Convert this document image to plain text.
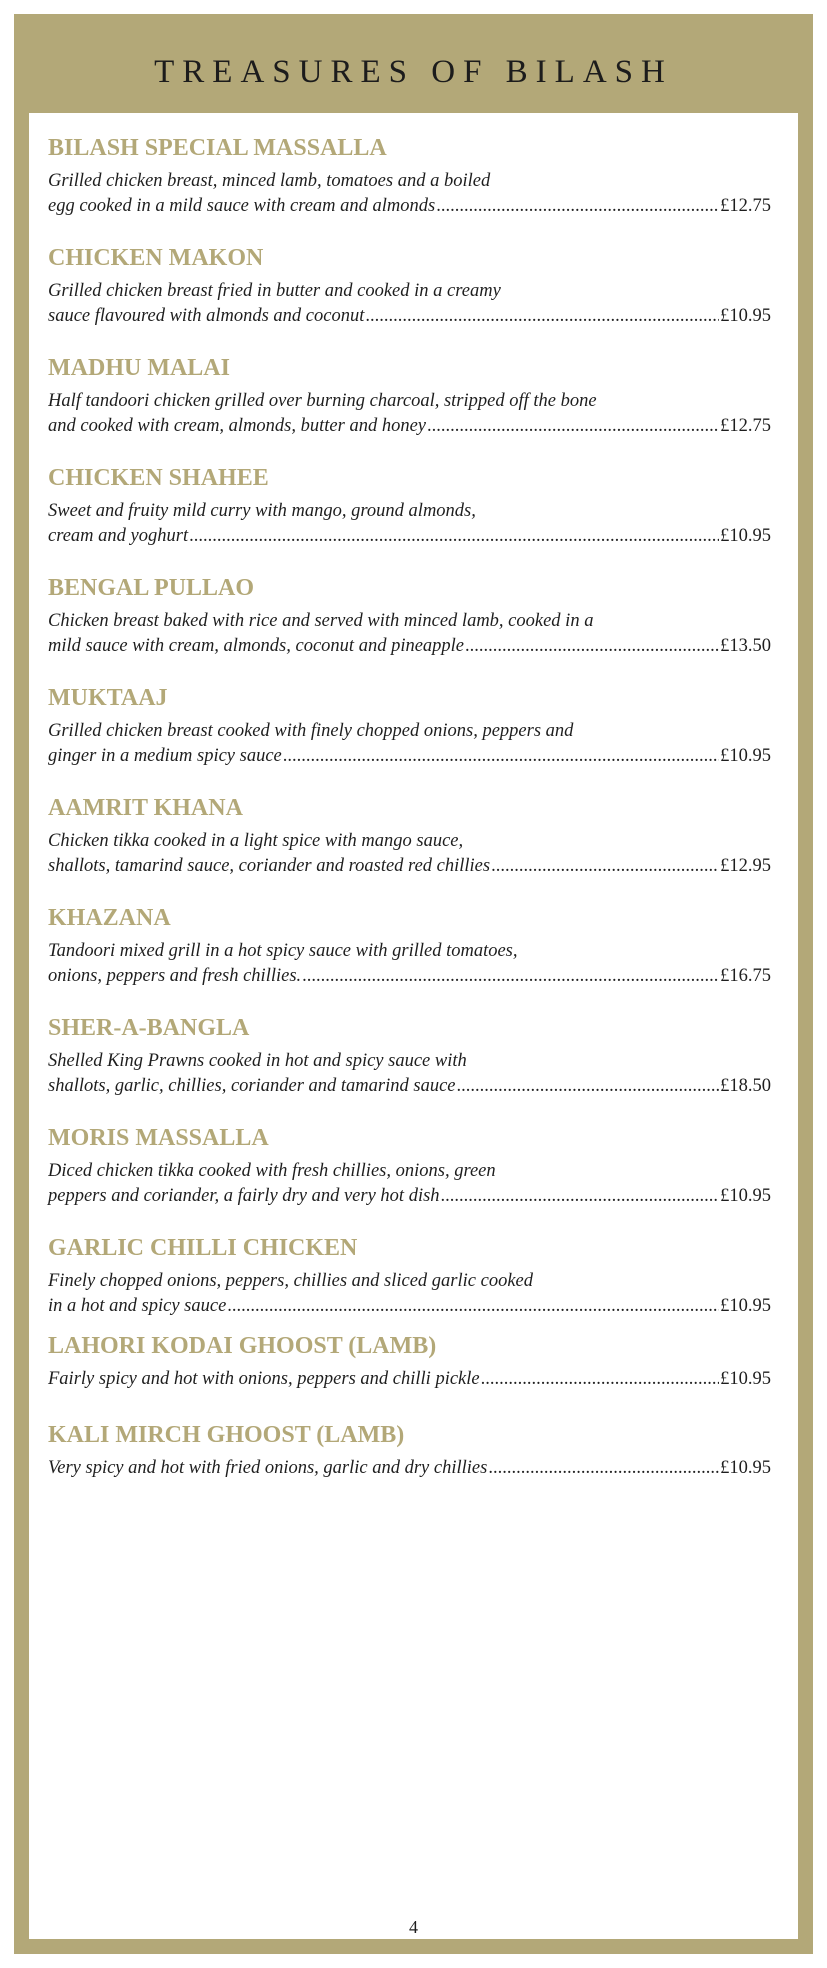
TREASURES OF BILASH
4
BILASH SPECIAL MASSALLA
Grilled chicken breast, minced lamb, tomatoes and a boiled
egg cooked in a mild sauce with cream and almonds .....	£12.75
CHICKEN MAKON
Grilled chicken breast fried in butter and cooked in a creamy
sauce flavoured with almonds and coconut .....	£10.95
MADHU MALAI
Half tandoori chicken grilled over burning charcoal, stripped off the bone
and cooked with cream, almonds, butter and honey .....	£12.75
CHICKEN SHAHEE
Sweet and fruity mild curry with mango, ground almonds,
cream and yoghurt .....	£10.95
BENGAL PULLAO
Chicken breast baked with rice and served with minced lamb, cooked in a
mild sauce with cream, almonds, coconut and pineapple .....	£13.50
MUKTAAJ
Grilled chicken breast cooked with finely chopped onions, peppers and
ginger in a medium spicy sauce .....	£10.95
AAMRIT KHANA
Chicken tikka cooked in a light spice with mango sauce,
shallots, tamarind sauce, coriander and roasted red chillies .....	£12.95
KHAZANA
Tandoori mixed grill in a hot spicy sauce with grilled tomatoes,
onions, peppers and fresh chillies. .....	£16.75
SHER-A-BANGLA
Shelled King Prawns cooked in hot and spicy sauce with
shallots, garlic, chillies, coriander and tamarind sauce .....	£18.50
MORIS MASSALLA
Diced chicken tikka cooked with fresh chillies, onions, green
peppers and coriander, a fairly dry and very hot dish .....	£10.95
GARLIC CHILLI CHICKEN
Finely chopped onions, peppers, chillies and sliced garlic cooked
in a hot and spicy sauce .....	£10.95
LAHORI KODAI GHOOST (LAMB)
Fairly spicy and hot with onions, peppers and chilli pickle .....	£10.95
KALI MIRCH GHOOST (LAMB)
Very spicy and hot with fried onions, garlic and dry chillies .....	£10.95
